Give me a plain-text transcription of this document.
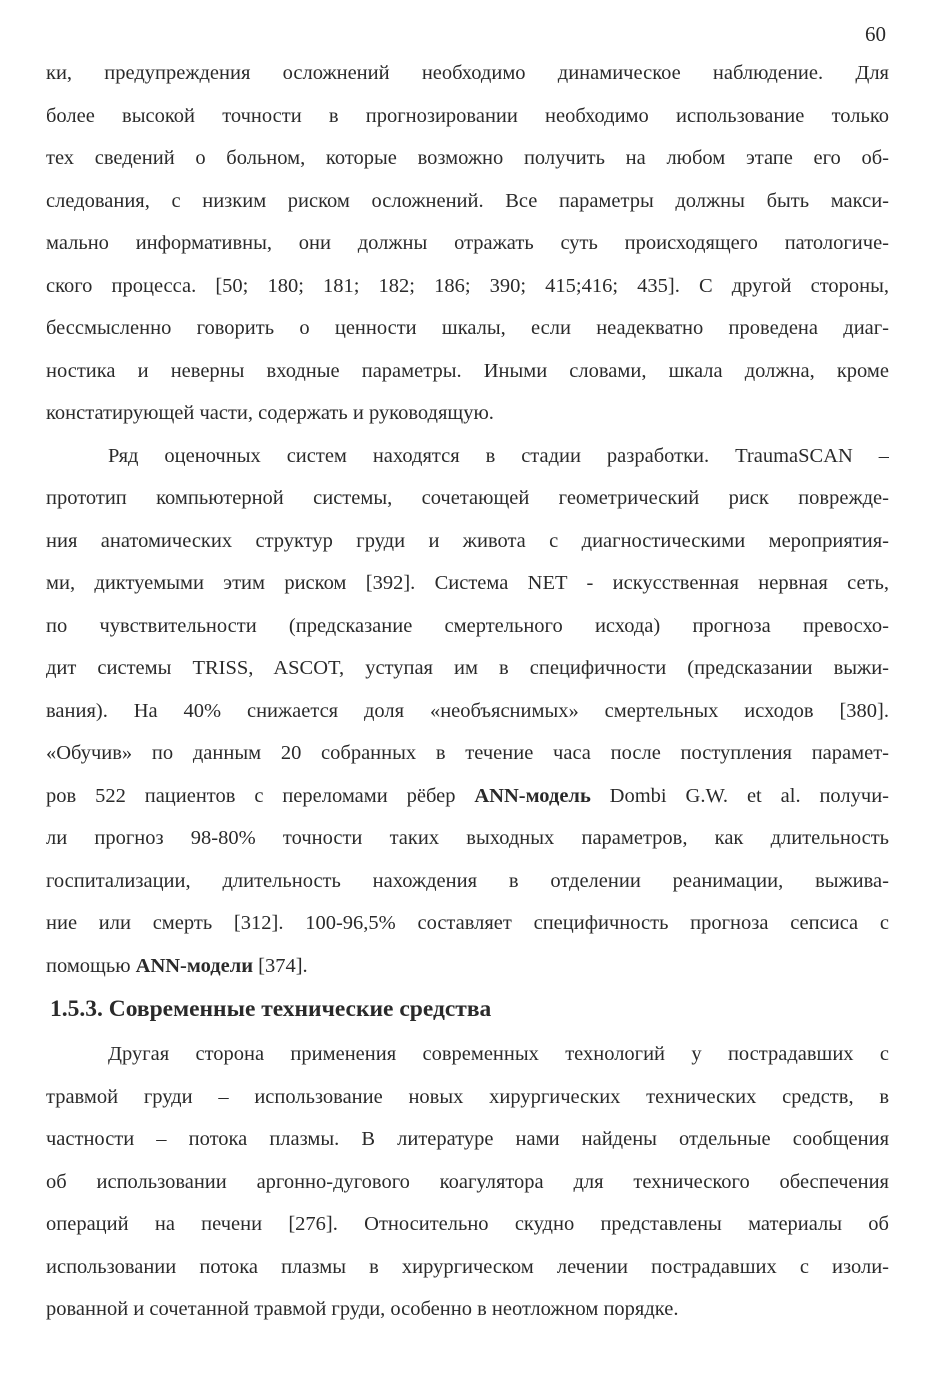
60
ки, предупреждения осложнений необходимо динамическое наблюдение. Для
более высокой точности в прогнозировании необходимо использование только
тех сведений о больном, которые возможно получить на любом этапе его об-
следования, с низким риском осложнений. Все параметры должны быть макси-
мально информативны, они должны отражать суть происходящего патологиче-
ского процесса. [50; 180; 181; 182; 186; 390; 415;416; 435]. С другой стороны,
бессмысленно говорить о ценности шкалы, если неадекватно проведена диаг-
ностика и неверны входные параметры. Иными словами, шкала должна, кроме
констатирующей части, содержать и руководящую.
Ряд оценочных систем находятся в стадии разработки. TraumaSCAN –
прототип компьютерной системы, сочетающей геометрический риск поврежде-
ния анатомических структур груди и живота с диагностическими мероприятия-
ми, диктуемыми этим риском [392]. Система NET - искусственная нервная сеть,
по чувствительности (предсказание смертельного исхода) прогноза превосхо-
дит системы TRISS, ASCOT, уступая им в специфичности (предсказании выжи-
вания). На 40% снижается доля «необъяснимых» смертельных исходов [380].
«Обучив» по данным 20 собранных в течение часа после поступления парамет-
ров 522 пациентов с переломами рёбер ANN-модель Dombi G.W. et al. получи-
ли прогноз 98-80% точности таких выходных параметров, как длительность
госпитализации, длительность нахождения в отделении реанимации, выжива-
ние или смерть [312]. 100-96,5% составляет специфичность прогноза сепсиса с
помощью ANN-модели [374].
1.5.3. Современные технические средства
Другая сторона применения современных технологий у пострадавших с
травмой груди – использование новых хирургических технических средств, в
частности – потока плазмы. В литературе нами найдены отдельные сообщения
об использовании аргонно-дугового коагулятора для технического обеспечения
операций на печени [276]. Относительно скудно представлены материалы об
использовании потока плазмы в хирургическом лечении пострадавших с изоли-
рованной и сочетанной травмой груди, особенно в неотложном порядке.
